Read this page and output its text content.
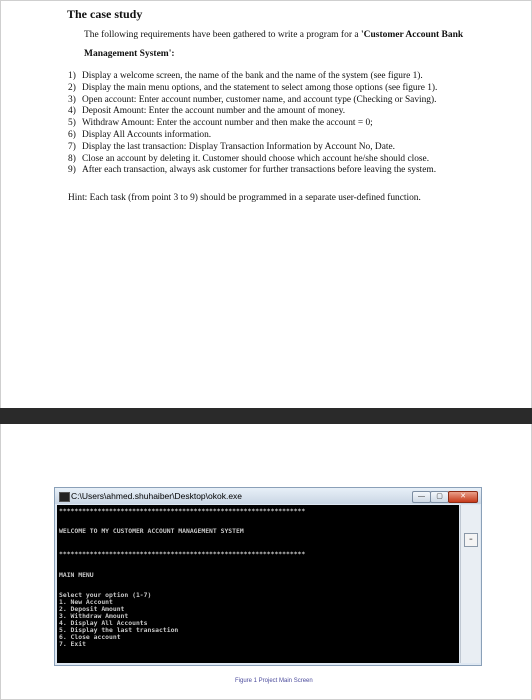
The case study
The following requirements have been gathered to write a program for a 'Customer Account Bank Management System':
1) Display a welcome screen, the name of the bank and the name of the system (see figure 1).
2) Display the main menu options, and the statement to select among those options (see figure 1).
3) Open account: Enter account number, customer name, and account type (Checking or Saving).
4) Deposit Amount: Enter the account number and the amount of money.
5) Withdraw Amount: Enter the account number and then make the account = 0;
6) Display All Accounts information.
7) Display the last transaction: Display Transaction Information by Account No, Date.
8) Close an account by deleting it. Customer should choose which account he/she should close.
9) After each transaction, always ask customer for further transactions before leaving the system.
Hint: Each task (from point 3 to 9) should be programmed in a separate user-defined function.
C:\Users\ahmed.shuhaiber\Desktop\okok.exe	—	▢	✕
****************************************************************
WELCOME TO MY CUSTOMER ACCOUNT MANAGEMENT SYSTEM
****************************************************************
MAIN MENU
Select your option (1-7)
1. New Account
2. Deposit Amount
3. Withdraw Amount
4. Display All Accounts
5. Display the last transaction
6. Close account
7. Exit
≡
Figure 1 Project Main Screen
